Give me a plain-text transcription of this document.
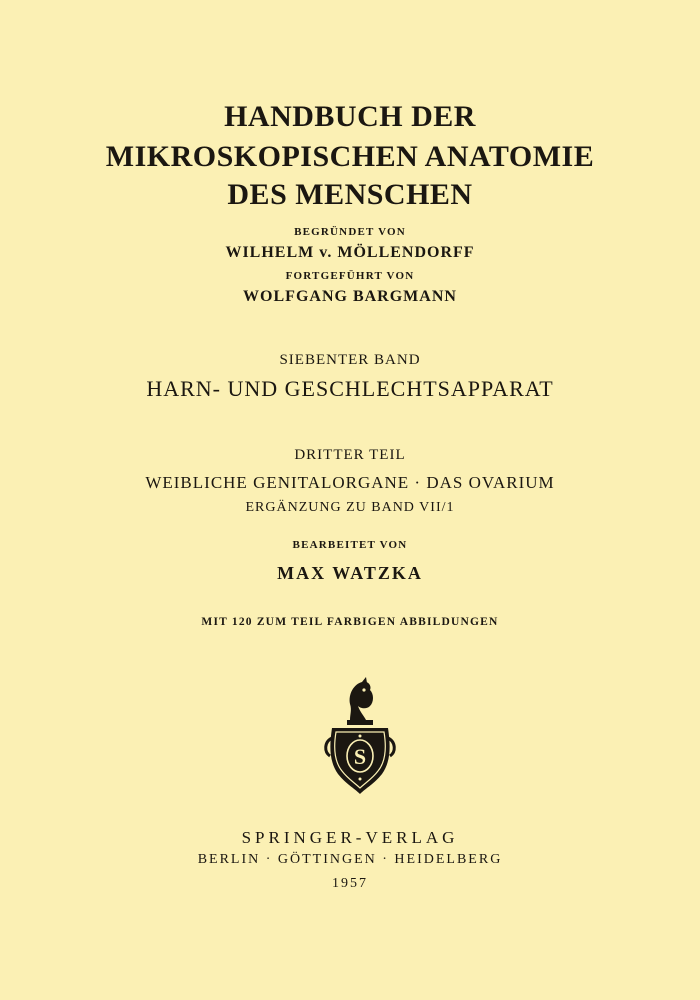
HANDBUCH DER
MIKROSKOPISCHEN ANATOMIE
DES MENSCHEN
BEGRÜNDET VON
WILHELM v. MÖLLENDORFF
FORTGEFÜHRT VON
WOLFGANG BARGMANN
SIEBENTER BAND
HARN- UND GESCHLECHTSAPPARAT
DRITTER TEIL
WEIBLICHE GENITALORGANE · DAS OVARIUM
ERGÄNZUNG ZU BAND VII/1
BEARBEITET VON
MAX WATZKA
MIT 120 ZUM TEIL FARBIGEN ABBILDUNGEN
S
SPRINGER-VERLAG
BERLIN · GÖTTINGEN · HEIDELBERG
1957
